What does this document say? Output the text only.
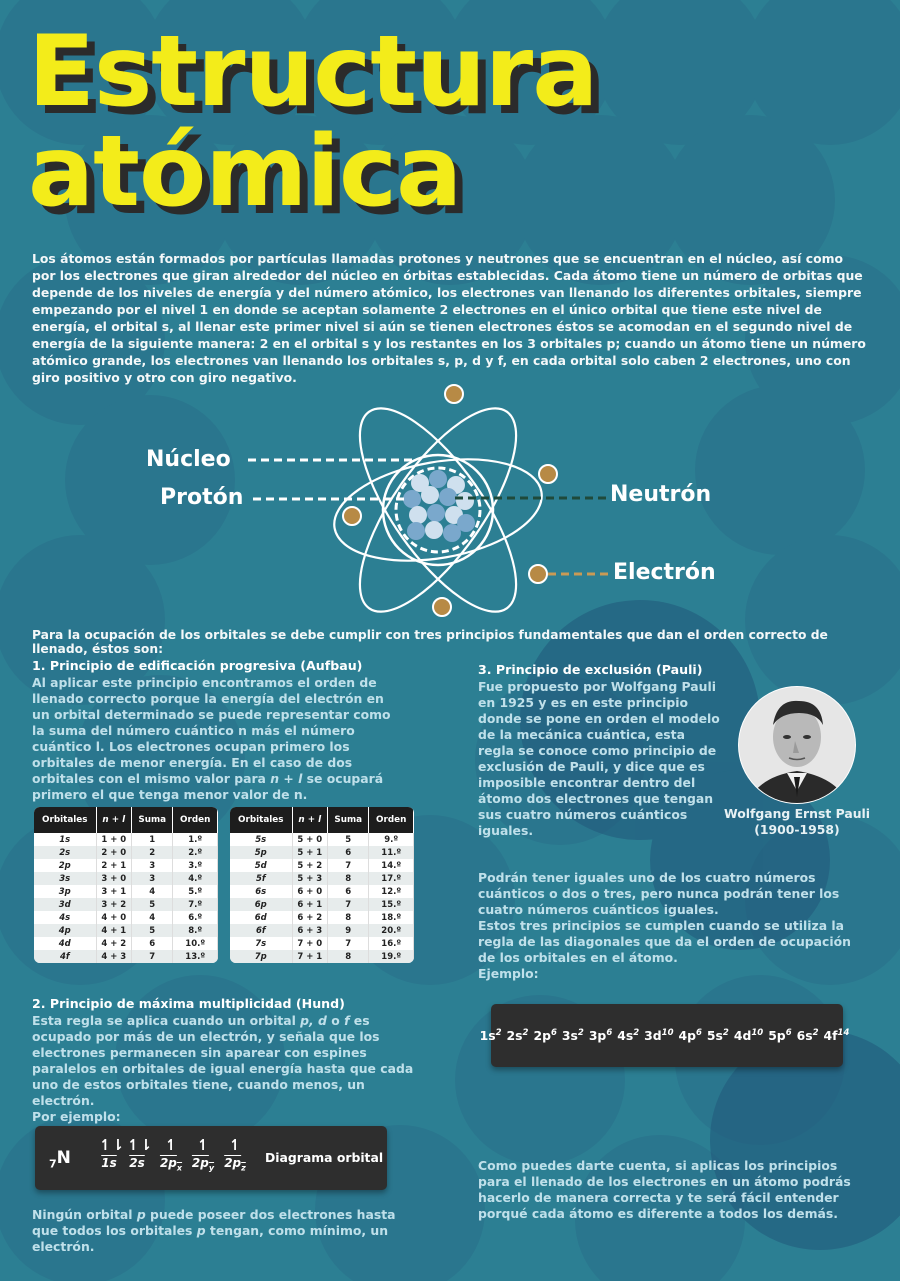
Estructura
atómica

Los átomos están formados por partículas llamadas protones y neutrones que se encuentran en el núcleo, así como por los electrones que giran alrededor del núcleo en órbitas establecidas. Cada átomo tiene un número de orbitas que depende de los niveles de energía y del número atómico, los electrones van llenando los diferentes orbitales, siempre empezando por el nivel 1 en donde se aceptan solamente 2 electrones en el único orbital que tiene este nivel de energía, el orbital s, al llenar este primer nivel si aún se tienen electrones éstos se acomodan en el segundo nivel de energía de la siguiente manera: 2 en el orbital s y los restantes en los 3 orbitales p; cuando un átomo tiene un número atómico grande, los electrones van llenando los orbitales s, p, d y f, en cada orbital solo caben 2 electrones, uno con giro positivo y otro con giro negativo.

Núcleo
Protón	Neutrón
Electrón

Para la ocupación de los orbitales se debe cumplir con tres principios fundamentales que dan el orden correcto de llenado, éstos son:

1. Principio de edificación progresiva (Aufbau)

Al aplicar este principio encontramos el orden de llenado correcto porque la energía del electrón en un orbital determinado se puede representar como la suma del número cuántico n más el número cuántico l. Los electrones ocupan primero los orbitales de menor energía. En el caso de dos orbitales con el mismo valor para n + l se ocupará primero el que tenga menor valor de n.

Orbitales	n + l	Suma	Orden
1s	1 + 0	1	1.º
2s	2 + 0	2	2.º
2p	2 + 1	3	3.º
3s	3 + 0	3	4.º
3p	3 + 1	4	5.º
3d	3 + 2	5	7.º
4s	4 + 0	4	6.º
4p	4 + 1	5	8.º
4d	4 + 2	6	10.º
4f	4 + 3	7	13.º
Orbitales	n + l	Suma	Orden
5s	5 + 0	5	9.º
5p	5 + 1	6	11.º
5d	5 + 2	7	14.º
5f	5 + 3	8	17.º
6s	6 + 0	6	12.º
6p	6 + 1	7	15.º
6d	6 + 2	8	18.º
6f	6 + 3	9	20.º
7s	7 + 0	7	16.º
7p	7 + 1	8	19.º
3. Principio de exclusión (Pauli)

Fue propuesto por Wolfgang Pauli en 1925 y es en este principio donde se pone en orden el modelo de la mecánica cuántica, esta regla se conoce como principio de exclusión de Pauli, y dice que es imposible encontrar dentro del átomo dos electrones que tengan sus cuatro números cuánticos iguales.

Wolfgang Ernst Pauli
(1900-1958)

Podrán tener iguales uno de los cuatro números cuánticos o dos o tres, pero nunca podrán tener los cuatro números cuánticos iguales.

Estos tres principios se cumplen cuando se utiliza la regla de las diagonales que da el orden de ocupación de los orbitales en el átomo.

Ejemplo:

$1s^2$ $2s^2$ $2p^6$ $3s^2$ $3p^6$ $4s^2$ $3d^{10}$ $4p^6$ $5s^2$ $4d^{10}$ $5p^6$ $6s^2$ $4f^{14}$
2. Principio de máxima multiplicidad (Hund)

Esta regla se aplica cuando un orbital p, d o f es ocupado por más de un electrón, y señala que los electrones permanecen sin aparear con espines paralelos en orbitales de igual energía hasta que cada uno de estos orbitales tiene, cuando menos, un electrón.

Por ejemplo:

$_7$N
↿⇂
1s
↿⇂
2s
↿
$2p_x$
↿
$2p_y$
↿
$2p_z$
Diagrama orbital

Ningún orbital p puede poseer dos electrones hasta que todos los orbitales p tengan, como mínimo, un electrón.

Como puedes darte cuenta, si aplicas los principios para el llenado de los electrones en un átomo podrás hacerlo de manera correcta y te será fácil entender porqué cada átomo es diferente a todos los demás.
